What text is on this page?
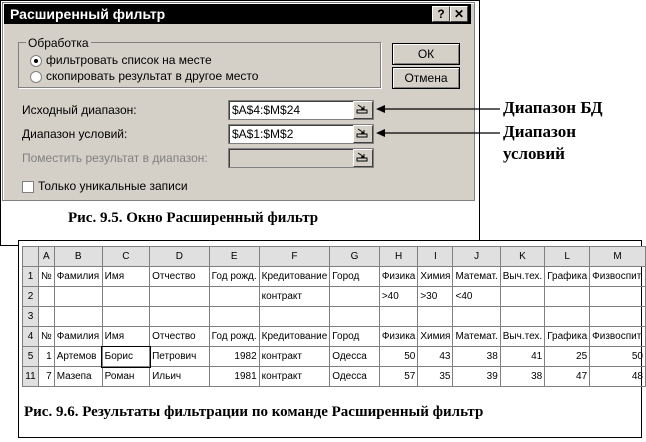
Расширенный фильтр	? ✕
Обработка
фильтровать список на месте
скопировать результат в другое место
ОК
Отмена
Исходный диапазон:	$A$4:$M$24
Диапазон условий:	$A$1:$M$2
Поместить результат в диапазон:
Только уникальные записи
Рис. 9.5. Окно Расширенный фильтр
Диапазон БД
Диапазон
условий
	A	B	C	D	E	F	G	H	I	J	K	L	M
1	№	Фамилия	Имя	Отчество	Год рожд.	Кредитование	Город	Физика	Химия	Математ.	Выч.тех.	Графика	Физвоспит.
2						контракт		>40	>30	<40			
3													
4	№	Фамилия	Имя	Отчество	Год рожд.	Кредитование	Город	Физика	Химия	Математ.	Выч.тех.	Графика	Физвоспит.
5	1	Артемов	Борис	Петрович	1982	контракт	Одесса	50	43	38	41	25	50
11	7	Мазепа	Роман	Ильич	1981	контракт	Одесса	57	35	39	38	47	48
Рис. 9.6. Результаты фильтрации по команде Расширенный фильтр
